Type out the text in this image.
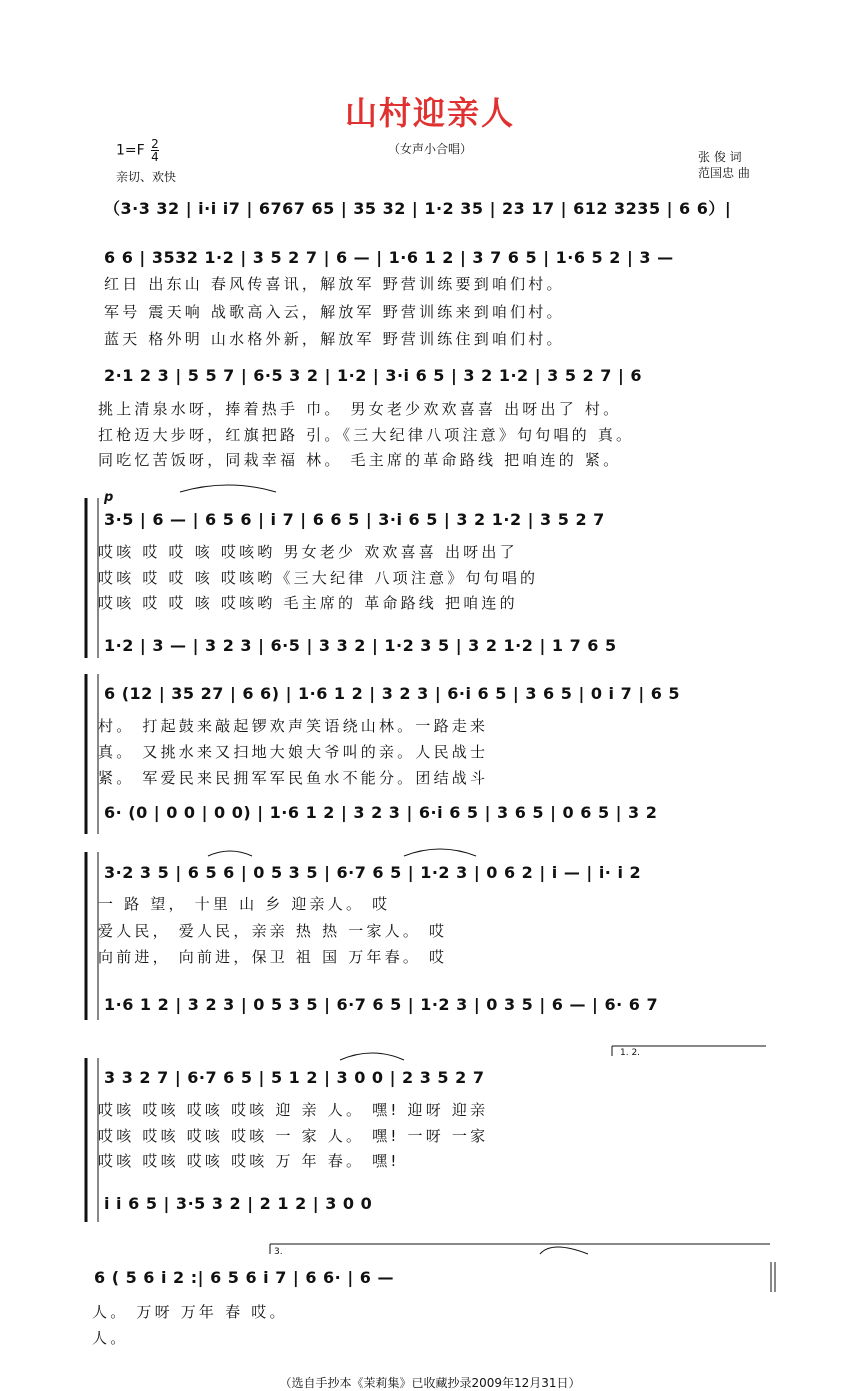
山村迎亲人
（女声小合唱）
$1=F \frac{2}{4}$
亲切、欢快
张 俊 词
范国忠 曲
（3·3 32 | i·i i7 | 6767 65 | 35 32 | 1·2 35 | 23 17 | 612 3235 | 6 6）|
6 6 | 3532 1·2 | 3 5 2 7 | 6 — | 1·6 1 2 | 3 7 6 5 | 1·6 5 2 | 3 —
红日 出东山 春风传喜讯，解放军 野营训练要到咱们村。
军号 震天响 战歌高入云，解放军 野营训练来到咱们村。
蓝天 格外明 山水格外新，解放军 野营训练住到咱们村。
2·1 2 3 | 5 5 7 | 6·5 3 2 | 1·2 | 3·i 6 5 | 3 2 1·2 | 3 5 2 7 | 6
挑上清泉水呀，捧着热手 巾。 男女老少欢欢喜喜 出呀出了 村。
扛枪迈大步呀，红旗把路 引。《三大纪律八项注意》句句唱的 真。
同吃忆苦饭呀，同栽幸福 林。 毛主席的革命路线 把咱连的 紧。
p
3·5 | 6 — | 6 5 6 | i 7 | 6 6 5 | 3·i 6 5 | 3 2 1·2 | 3 5 2 7
哎咳 哎 哎 咳 哎咳哟 男女老少 欢欢喜喜 出呀出了
哎咳 哎 哎 咳 哎咳哟《三大纪律 八项注意》句句唱的
哎咳 哎 哎 咳 哎咳哟 毛主席的 革命路线 把咱连的
1·2 | 3 — | 3 2 3 | 6·5 | 3 3 2 | 1·2 3 5 | 3 2 1·2 | 1 7 6 5
6 (12 | 35 27 | 6 6) | 1·6 1 2 | 3 2 3 | 6·i 6 5 | 3 6 5 | 0 i 7 | 6 5
村。 打起鼓来敲起锣欢声笑语绕山林。一路走来
真。 又挑水来又扫地大娘大爷叫的亲。人民战士
紧。 军爱民来民拥军军民鱼水不能分。团结战斗
6· (0 | 0 0 | 0 0) | 1·6 1 2 | 3 2 3 | 6·i 6 5 | 3 6 5 | 0 6 5 | 3 2
3·2 3 5 | 6 5 6 | 0 5 3 5 | 6·7 6 5 | 1·2 3 | 0 6 2 | i — | i· i 2
一 路 望， 十里 山 乡 迎亲人。 哎
爱人民， 爱人民，亲亲 热 热 一家人。 哎
向前进， 向前进，保卫 祖 国 万年春。 哎
1·6 1 2 | 3 2 3 | 0 5 3 5 | 6·7 6 5 | 1·2 3 | 0 3 5 | 6 — | 6· 6 7
1. 2.
3 3 2 7 | 6·7 6 5 | 5 1 2 | 3 0 0 | 2 3 5 2 7
哎咳 哎咳 哎咳 哎咳 迎 亲 人。 嘿! 迎呀 迎亲
哎咳 哎咳 哎咳 哎咳 一 家 人。 嘿! 一呀 一家
哎咳 哎咳 哎咳 哎咳 万 年 春。 嘿!
i i 6 5 | 3·5 3 2 | 2 1 2 | 3 0 0
3.
6 ( 5 6 i 2 :| 6 5 6 i 7 | 6 6· | 6 —
人。 万呀 万年 春 哎。
人。
（选自手抄本《茉莉集》已收藏抄录2009年12月31日）
